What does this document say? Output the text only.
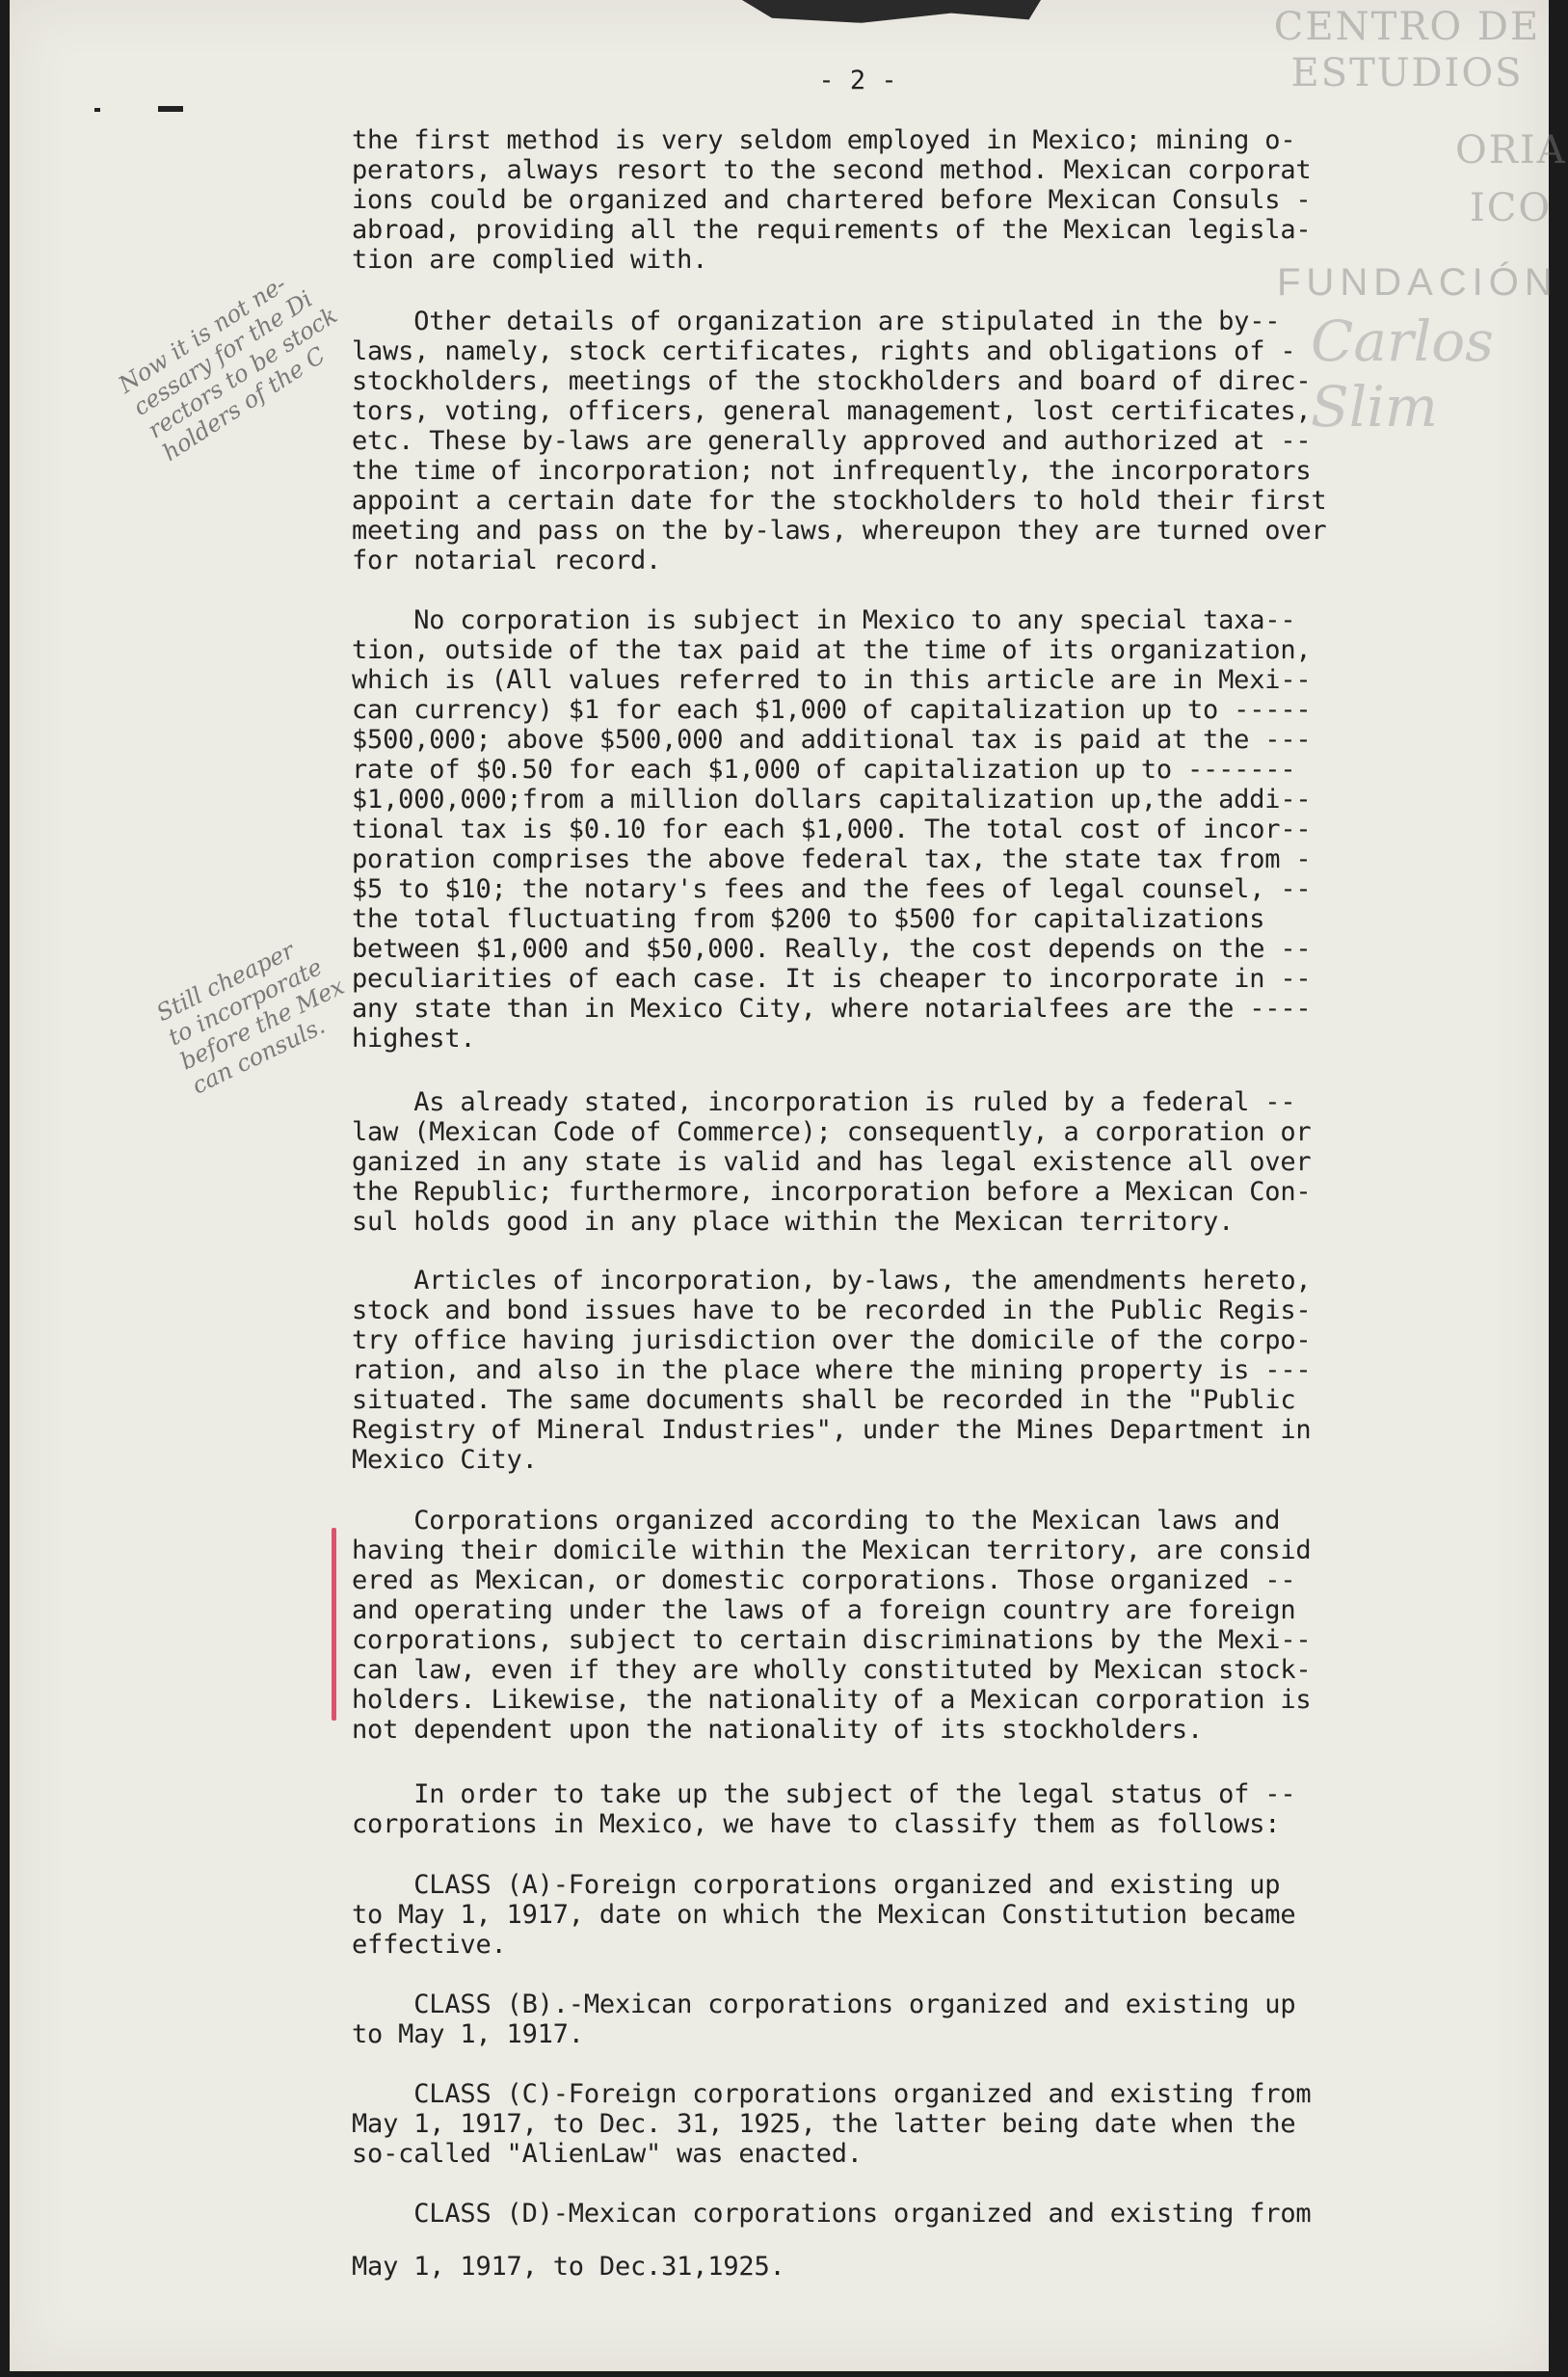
CENTRO DE
ESTUDIOS
ORIA
ICO
FUNDACIÓN
Carlos Slim
- 2 -

the first method is very seldom employed in Mexico; mining o-
perators, always resort to the second method. Mexican corporat
ions could be organized and chartered before Mexican Consuls -
abroad, providing all the requirements of the Mexican legisla-
tion are complied with.

Other details of organization are stipulated in the by--
laws, namely, stock certificates, rights and obligations of -
stockholders, meetings of the stockholders and board of direc-
tors, voting, officers, general management, lost certificates,
etc. These by-laws are generally approved and authorized at --
the time of incorporation; not infrequently, the incorporators
appoint a certain date for the stockholders to hold their first
meeting and pass on the by-laws, whereupon they are turned over
for notarial record.

No corporation is subject in Mexico to any special taxa--
tion, outside of the tax paid at the time of its organization,
which is (All values referred to in this article are in Mexi--
can currency) $1 for each $1,000 of capitalization up to -----
$500,000; above $500,000 and additional tax is paid at the ---
rate of $0.50 for each $1,000 of capitalization up to -------
$1,000,000;from a million dollars capitalization up,the addi--
tional tax is $0.10 for each $1,000. The total cost of incor--
poration comprises the above federal tax, the state tax from -
$5 to $10; the notary's fees and the fees of legal counsel, --
the total fluctuating from $200 to $500 for capitalizations
between $1,000 and $50,000. Really, the cost depends on the --
peculiarities of each case. It is cheaper to incorporate in --
any state than in Mexico City, where notarialfees are the ----
highest.

As already stated, incorporation is ruled by a federal --
law (Mexican Code of Commerce); consequently, a corporation or
ganized in any state is valid and has legal existence all over
the Republic; furthermore, incorporation before a Mexican Con-
sul holds good in any place within the Mexican territory.

Articles of incorporation, by-laws, the amendments hereto,
stock and bond issues have to be recorded in the Public Regis-
try office having jurisdiction over the domicile of the corpo-
ration, and also in the place where the mining property is ---
situated. The same documents shall be recorded in the "Public
Registry of Mineral Industries", under the Mines Department in
Mexico City.

Corporations organized according to the Mexican laws and
having their domicile within the Mexican territory, are consid
ered as Mexican, or domestic corporations. Those organized --
and operating under the laws of a foreign country are foreign
corporations, subject to certain discriminations by the Mexi--
can law, even if they are wholly constituted by Mexican stock-
holders. Likewise, the nationality of a Mexican corporation is
not dependent upon the nationality of its stockholders.

In order to take up the subject of the legal status of --
corporations in Mexico, we have to classify them as follows:

CLASS (A)-Foreign corporations organized and existing up
to May 1, 1917, date on which the Mexican Constitution became
effective.

CLASS (B).-Mexican corporations organized and existing up
to May 1, 1917.

CLASS (C)-Foreign corporations organized and existing from
May 1, 1917, to Dec. 31, 1925, the latter being date when the
so-called "AlienLaw" was enacted.

CLASS (D)-Mexican corporations organized and existing from

May 1, 1917, to Dec.31,1925.

Now it is not ne-
cessary for the Di
rectors to be stock
holders of the C
Still cheaper
to incorporate
before the Mex
can consuls.
